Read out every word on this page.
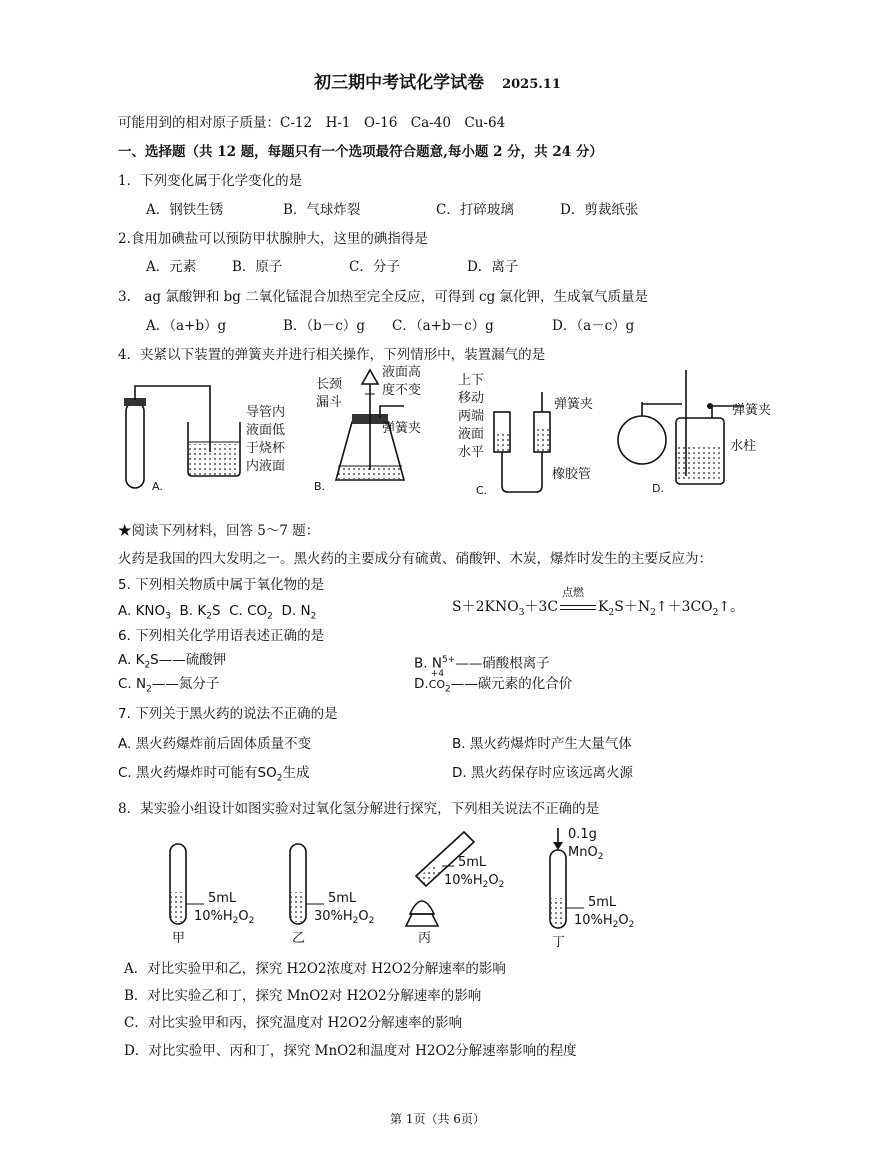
初三期中考试化学试卷 2025.11
可能用到的相对原子质量：C-12　H-1　O-16　Ca-40　Cu-64
一、选择题（共 12 题，每题只有一个选项最符合题意,每小题 2 分，共 24 分）
1．下列变化属于化学变化的是
A．钢铁生锈	B．气球炸裂	C．打碎玻璃	D．剪裁纸张
2.食用加碘盐可以预防甲状腺肿大，这里的碘指得是
A．元素	B．原子	C．分子	D．离子
3.　ag 氯酸钾和 bg 二氧化锰混合加热至完全反应，可得到 cg 氯化钾，生成氧气质量是
A．（a+b）g	B．（b－c）g C．（a+b－c）g	D．（a－c）g
4．夹紧以下装置的弹簧夹并进行相关操作，下列情形中，装置漏气的是
导管内
液面低
于烧杯
内液面
A.
长颈
漏斗
液面高
度不变
弹簧夹
B.
上下
移动
两端
液面
水平
弹簧夹
橡胶管
C.
弹簧夹
水柱
D.
★阅读下列材料，回答 5～7 题：
火药是我国的四大发明之一。黑火药的主要成分有硫黄、硝酸钾、木炭，爆炸时发生的主要反应为：
5. 下列相关物质中属于氧化物的是
A. $KNO_3$ B. $K_2S$ C. $CO_2$ D. $N_2$
$S+2KNO_3+3C$
点燃
$K_2S+N_2↑+3CO_2↑$。
6. 下列相关化学用语表述正确的是
A. $K_2S——$硫酸钾	B. $N^{5+}——$硝酸根离子
C. $N_2——$氮分子	D.
+4
$CO_2——$碳元素的化合价
7. 下列关于黑火药的说法不正确的是
A. 黑火药爆炸前后固体质量不变	B. 黑火药爆炸时产生大量气体
C. 黑火药爆炸时可能有$SO_2$生成	D. 黑火药保存时应该远离火源
8．某实验小组设计如图实验对过氧化氢分解进行探究，下列相关说法不正确的是
5mL
$10\%H_2O_2$
甲
5mL
$30\%H_2O_2$
乙
5mL
$10\%H_2O_2$
丙
0.1g
MnO$_2$
5mL
$10\%H_2O_2$
丁
A．对比实验甲和乙，探究 H2O2浓度对 H2O2分解速率的影响
B．对比实验乙和丁，探究 MnO2对 H2O2分解速率的影响
C．对比实验甲和丙，探究温度对 H2O2分解速率的影响
D．对比实验甲、丙和丁，探究 MnO2和温度对 H2O2分解速率影响的程度
第 1页（共 6页）
